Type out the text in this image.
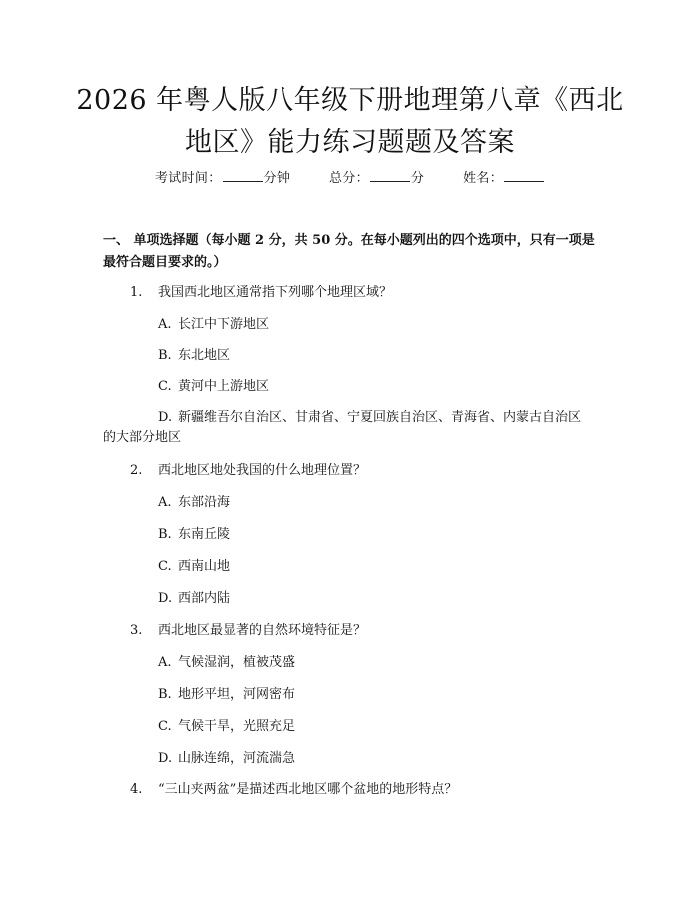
2026 年粤人版八年级下册地理第八章《西北
地区》能力练习题题及答案
考试时间：	分钟	总分：	分	姓名：
一、 单项选择题（每小题 2 分，共 50 分。在每小题列出的四个选项中，只有一项是最符合题目要求的。）
1. 我国西北地区通常指下列哪个地理区域？
A. 长江中下游地区
B. 东北地区
C. 黄河中上游地区
D. 新疆维吾尔自治区、甘肃省、宁夏回族自治区、青海省、内蒙古自治区的大部分地区
2. 西北地区地处我国的什么地理位置？
A. 东部沿海
B. 东南丘陵
C. 西南山地
D. 西部内陆
3. 西北地区最显著的自然环境特征是？
A. 气候湿润，植被茂盛
B. 地形平坦，河网密布
C. 气候干旱，光照充足
D. 山脉连绵，河流湍急
4. “三山夹两盆”是描述西北地区哪个盆地的地形特点？
